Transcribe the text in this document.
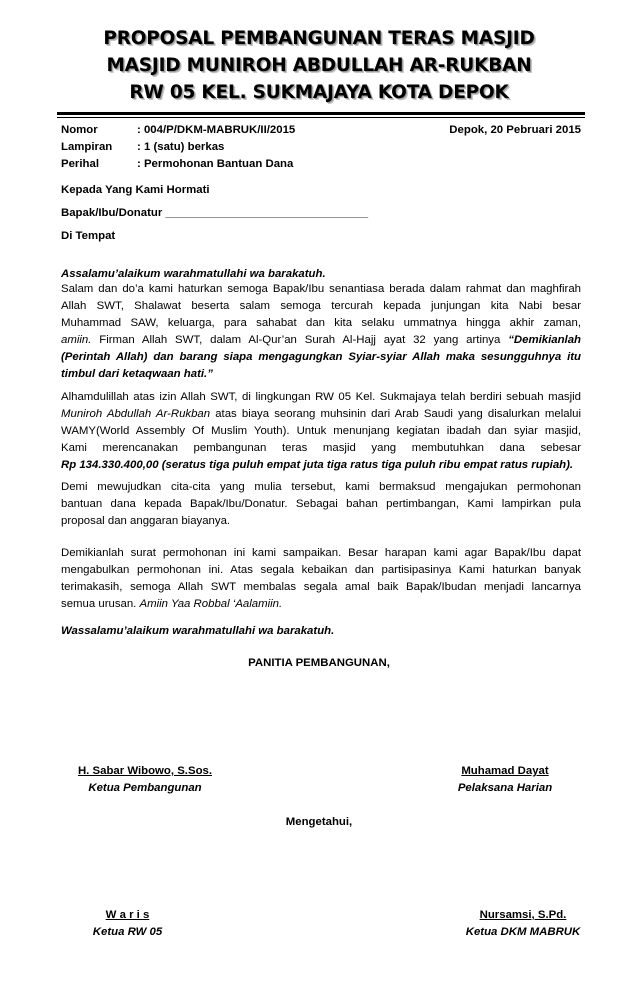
PROPOSAL PEMBANGUNAN TERAS MASJID
MASJID MUNIROH ABDULLAH AR-RUKBAN
RW 05 KEL. SUKMAJAYA KOTA DEPOK
Nomor	: 004/P/DKM-MABRUK/II/2015	Depok, 20 Pebruari 2015
Lampiran : 1 (satu) berkas
Perihal	: Permohonan Bantuan Dana
Kepada Yang Kami Hormati
Bapak/Ibu/Donatur ________________________________
Di Tempat
Assalamu’alaikum warahmatullahi wa barakatuh.
Salam dan do’a kami haturkan semoga Bapak/Ibu senantiasa berada dalam rahmat dan maghfirah
Allah SWT, Shalawat beserta salam semoga tercurah kepada junjungan kita Nabi besar
Muhammad SAW, keluarga, para sahabat dan kita selaku ummatnya hingga akhir zaman,
amiin. Firman Allah SWT, dalam Al-Qur’an Surah Al-Hajj ayat 32 yang artinya “Demikianlah
(Perintah Allah) dan barang siapa mengagungkan Syiar-syiar Allah maka sesungguhnya itu
timbul dari ketaqwaan hati.”
Alhamdulillah atas izin Allah SWT, di lingkungan RW 05 Kel. Sukmajaya telah berdiri sebuah masjid
Muniroh Abdullah Ar-Rukban atas biaya seorang muhsinin dari Arab Saudi yang disalurkan melalui
WAMY(World Assembly Of Muslim Youth). Untuk menunjang kegiatan ibadah dan syiar masjid,
Kami merencanakan pembangunan teras masjid yang membutuhkan dana sebesar
Rp 134.330.400,00 (seratus tiga puluh empat juta tiga ratus tiga puluh ribu empat ratus rupiah).
Demi mewujudkan cita-cita yang mulia tersebut, kami bermaksud mengajukan permohonan
bantuan dana kepada Bapak/Ibu/Donatur. Sebagai bahan pertimbangan, Kami lampirkan pula
proposal dan anggaran biayanya.
Demikianlah surat permohonan ini kami sampaikan. Besar harapan kami agar Bapak/Ibu dapat
mengabulkan permohonan ini. Atas segala kebaikan dan partisipasinya Kami haturkan banyak
terimakasih, semoga Allah SWT membalas segala amal baik Bapak/Ibudan menjadi lancarnya
semua urusan. Amiin Yaa Robbal ‘Aalamiin.
Wassalamu’alaikum warahmatullahi wa barakatuh.
PANITIA PEMBANGUNAN,
H. Sabar Wibowo, S.Sos.
Ketua Pembangunan
Muhamad Dayat
Pelaksana Harian
Mengetahui,
W a r i s
Ketua RW 05
Nursamsi, S.Pd.
Ketua DKM MABRUK
